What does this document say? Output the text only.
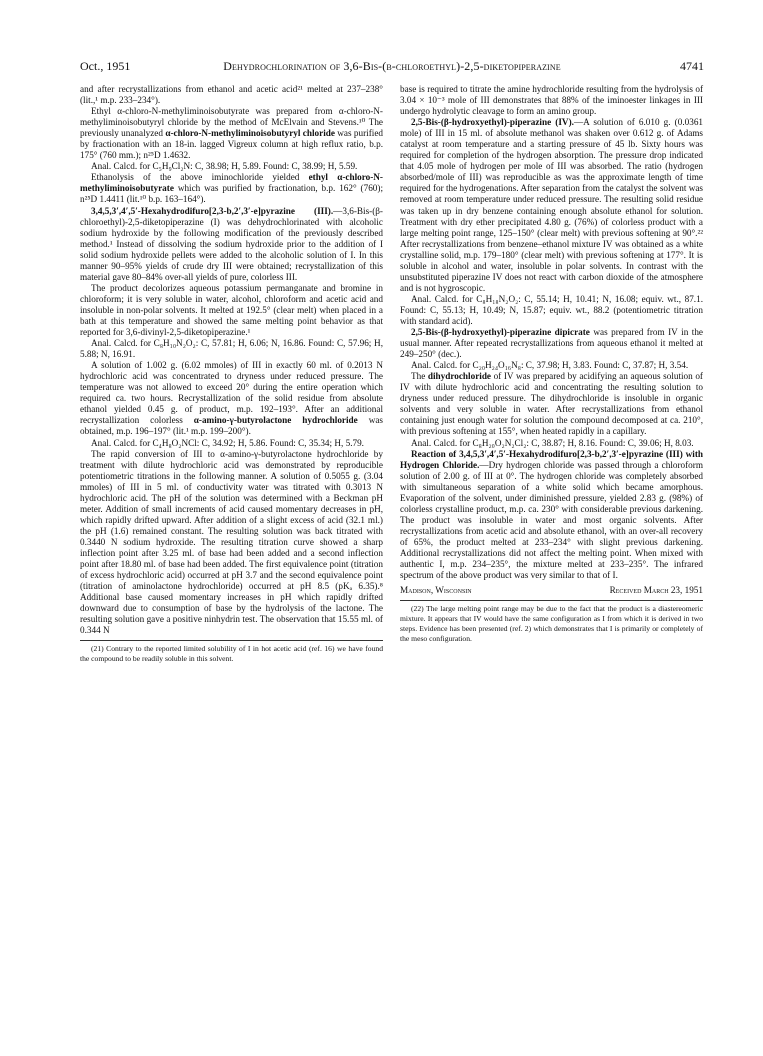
Oct., 1951	Dehydrochlorination of 3,6-Bis-(β-chloroethyl)-2,5-diketopiperazine	4741

and after recrystallizations from ethanol and acetic acid²¹ melted at 237–238° (lit.,¹ m.p. 233–234°).

Ethyl α-chloro-N-methyliminoisobutyrate was prepared from α-chloro-N-methyliminoisobutyryl chloride by the method of McElvain and Stevens.¹⁰ The previously unanalyzed α-chloro-N-methyliminoisobutyryl chloride was purified by fractionation with an 18-in. lagged Vigreux column at high reflux ratio, b.p. 175° (760 mm.); n²⁵D 1.4632.

Anal. Calcd. for C₅H₉Cl₂N: C, 38.98; H, 5.89. Found: C, 38.99; H, 5.59.

Ethanolysis of the above iminochloride yielded ethyl α-chloro-N-methyliminoisobutyrate which was purified by fractionation, b.p. 162° (760); n²⁵D 1.4411 (lit.¹⁰ b.p. 163–164°).

3,4,5,3′,4′,5′-Hexahydrodifuro[2,3-b,2′,3′-e]pyrazine (III).—3,6-Bis-(β-chloroethyl)-2,5-diketopiperazine (I) was dehydrochlorinated with alcoholic sodium hydroxide by the following modification of the previously described method.¹ Instead of dissolving the sodium hydroxide prior to the addition of I solid sodium hydroxide pellets were added to the alcoholic solution of I. In this manner 90–95% yields of crude dry III were obtained; recrystallization of this material gave 80–84% over-all yields of pure, colorless III.

The product decolorizes aqueous potassium permanganate and bromine in chloroform; it is very soluble in water, alcohol, chloroform and acetic acid and insoluble in non-polar solvents. It melted at 192.5° (clear melt) when placed in a bath at this temperature and showed the same melting point behavior as that reported for 3,6-divinyl-2,5-diketopiperazine.¹

Anal. Calcd. for C₈H₁₀N₂O₂: C, 57.81; H, 6.06; N, 16.86. Found: C, 57.96; H, 5.88; N, 16.91.

A solution of 1.002 g. (6.02 mmoles) of III in exactly 60 ml. of 0.2013 N hydrochloric acid was concentrated to dryness under reduced pressure. The temperature was not allowed to exceed 20° during the entire operation which required ca. two hours. Recrystallization of the solid residue from absolute ethanol yielded 0.45 g. of product, m.p. 192–193°. After an additional recrystallization colorless α-amino-γ-butyrolactone hydrochloride was obtained, m.p. 196–197° (lit.¹ m.p. 199–200°).

Anal. Calcd. for C₄H₈O₂NCl: C, 34.92; H, 5.86. Found: C, 35.34; H, 5.79.

The rapid conversion of III to α-amino-γ-butyrolactone hydrochloride by treatment with dilute hydrochloric acid was demonstrated by reproducible potentiometric titrations in the following manner. A solution of 0.5055 g. (3.04 mmoles) of III in 5 ml. of conductivity water was titrated with 0.3013 N hydrochloric acid. The pH of the solution was determined with a Beckman pH meter. Addition of small increments of acid caused momentary decreases in pH, which rapidly drifted upward. After addition of a slight excess of acid (32.1 ml.) the pH (1.6) remained constant. The resulting solution was back titrated with 0.3440 N sodium hydroxide. The resulting titration curve showed a sharp inflection point after 3.25 ml. of base had been added and a second inflection point after 18.80 ml. of base had been added. The first equivalence point (titration of excess hydrochloric acid) occurred at pH 3.7 and the second equivalence point (titration of aminolactone hydrochloride) occurred at pH 8.5 (pKₐ 6.35).⁸ Additional base caused momentary increases in pH which rapidly drifted downward due to consumption of base by the hydrolysis of the lactone. The resulting solution gave a positive ninhydrin test. The observation that 15.55 ml. of 0.344 N

(21) Contrary to the reported limited solubility of I in hot acetic acid (ref. 16) we have found the compound to be readily soluble in this solvent.

base is required to titrate the amine hydrochloride resulting from the hydrolysis of 3.04 × 10⁻³ mole of III demonstrates that 88% of the iminoester linkages in III undergo hydrolytic cleavage to form an amino group.

2,5-Bis-(β-hydroxyethyl)-piperazine (IV).—A solution of 6.010 g. (0.0361 mole) of III in 15 ml. of absolute methanol was shaken over 0.612 g. of Adams catalyst at room temperature and a starting pressure of 45 lb. Sixty hours was required for completion of the hydrogen absorption. The pressure drop indicated that 4.05 mole of hydrogen per mole of III was absorbed. The ratio (hydrogen absorbed/mole of III) was reproducible as was the approximate length of time required for the hydrogenations. After separation from the catalyst the solvent was removed at room temperature under reduced pressure. The resulting solid residue was taken up in dry benzene containing enough absolute ethanol for solution. Treatment with dry ether precipitated 4.80 g. (76%) of colorless product with a large melting point range, 125–150° (clear melt) with previous softening at 90°.²² After recrystallizations from benzene–ethanol mixture IV was obtained as a white crystalline solid, m.p. 179–180° (clear melt) with previous softening at 177°. It is soluble in alcohol and water, insoluble in polar solvents. In contrast with the unsubstituted piperazine IV does not react with carbon dioxide of the atmosphere and is not hygroscopic.

Anal. Calcd. for C₈H₁₈N₂O₂: C, 55.14; H, 10.41; N, 16.08; equiv. wt., 87.1. Found: C, 55.13; H, 10.49; N, 15.87; equiv. wt., 88.2 (potentiometric titration with standard acid).

2,5-Bis-(β-hydroxyethyl)-piperazine dipicrate was prepared from IV in the usual manner. After repeated recrystallizations from aqueous ethanol it melted at 249–250° (dec.).

Anal. Calcd. for C₂₀H₂₄O₁₆N₈: C, 37.98; H, 3.83. Found: C, 37.87; H, 3.54.

The dihydrochloride of IV was prepared by acidifying an aqueous solution of IV with dilute hydrochloric acid and concentrating the resulting solution to dryness under reduced pressure. The dihydrochloride is insoluble in organic solvents and very soluble in water. After recrystallizations from ethanol containing just enough water for solution the compound decomposed at ca. 210°, with previous softening at 155°, when heated rapidly in a capillary.

Anal. Calcd. for C₈H₂₀O₂N₂Cl₂: C, 38.87; H, 8.16. Found: C, 39.06; H, 8.03.

Reaction of 3,4,5,3′,4′,5′-Hexahydrodifuro[2,3-b,2′,3′-e]pyrazine (III) with Hydrogen Chloride.—Dry hydrogen chloride was passed through a chloroform solution of 2.00 g. of III at 0°. The hydrogen chloride was completely absorbed with simultaneous separation of a white solid which became amorphous. Evaporation of the solvent, under diminished pressure, yielded 2.83 g. (98%) of colorless crystalline product, m.p. ca. 230° with considerable previous darkening. The product was insoluble in water and most organic solvents. After recrystallizations from acetic acid and absolute ethanol, with an over-all recovery of 65%, the product melted at 233–234° with slight previous darkening. Additional recrystallizations did not affect the melting point. When mixed with authentic I, m.p. 234–235°, the mixture melted at 233–235°. The infrared spectrum of the above product was very similar to that of I.

Madison, Wisconsin	Received March 23, 1951

(22) The large melting point range may be due to the fact that the product is a diastereomeric mixture. It appears that IV would have the same configuration as I from which it is derived in two steps. Evidence has been presented (ref. 2) which demonstrates that I is primarily or completely of the meso configuration.
